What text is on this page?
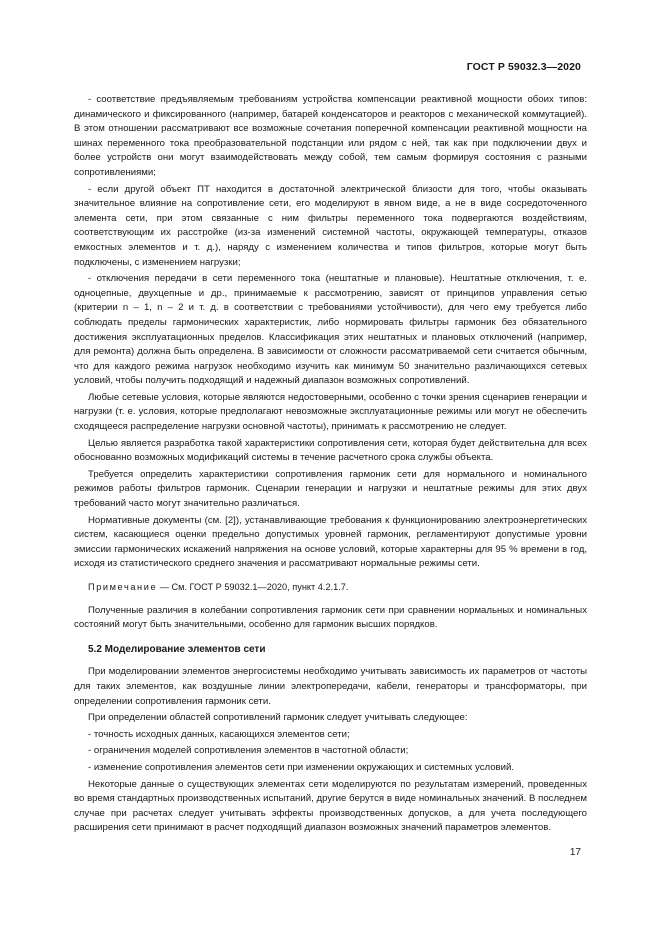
ГОСТ Р 59032.3—2020

- соответствие предъявляемым требованиям устройства компенсации реактивной мощности обоих типов: динамического и фиксированного (например, батарей конденсаторов и реакторов с механической коммутацией). В этом отношении рассматривают все возможные сочетания поперечной компенсации реактивной мощности на шинах переменного тока преобразовательной подстанции или рядом с ней, так как при подключении двух и более устройств они могут взаимодействовать между собой, тем самым формируя состояния с разными сопротивлениями;

- если другой объект ПТ находится в достаточной электрической близости для того, чтобы оказывать значительное влияние на сопротивление сети, его моделируют в явном виде, а не в виде сосредоточенного элемента сети, при этом связанные с ним фильтры переменного тока подвергаются воздействиям, соответствующим их расстройке (из-за изменений системной частоты, окружающей температуры, отказов емкостных элементов и т. д.), наряду с изменением количества и типов фильтров, которые могут быть подключены, с изменением нагрузки;

- отключения передачи в сети переменного тока (нештатные и плановые). Нештатные отключения, т. е. одноцепные, двухцепные и др., принимаемые к рассмотрению, зависят от принципов управления сетью (критерии n – 1, n – 2 и т. д. в соответствии с требованиями устойчивости), для чего ему требуется либо соблюдать пределы гармонических характеристик, либо нормировать фильтры гармоник без обязательного достижения эксплуатационных пределов. Классификация этих нештатных и плановых отключений (например, для ремонта) должна быть определена. В зависимости от сложности рассматриваемой сети считается обычным, что для каждого режима нагрузок необходимо изучить как минимум 50 значительно различающихся сетевых условий, чтобы получить подходящий и надежный диапазон возможных сопротивлений.

Любые сетевые условия, которые являются недостоверными, особенно с точки зрения сценариев генерации и нагрузки (т. е. условия, которые предполагают невозможные эксплуатационные режимы или могут не обеспечить сходящееся распределение нагрузки основной частоты), принимать к рассмотрению не следует.

Целью является разработка такой характеристики сопротивления сети, которая будет действительна для всех обоснованно возможных модификаций системы в течение расчетного срока службы объекта.

Требуется определить характеристики сопротивления гармоник сети для нормального и номинального режимов работы фильтров гармоник. Сценарии генерации и нагрузки и нештатные режимы для этих двух требований часто могут значительно различаться.

Нормативные документы (см. [2]), устанавливающие требования к функционированию электроэнергетических систем, касающиеся оценки предельно допустимых уровней гармоник, регламентируют допустимые уровни эмиссии гармонических искажений напряжения на основе условий, которые характерны для 95 % времени в год, исходя из статистического среднего значения и рассматривают нормальные режимы сети.

Примечание — См. ГОСТ Р 59032.1—2020, пункт 4.2.1.7.

Полученные различия в колебании сопротивления гармоник сети при сравнении нормальных и номинальных состояний могут быть значительными, особенно для гармоник высших порядков.

5.2 Моделирование элементов сети

При моделировании элементов энергосистемы необходимо учитывать зависимость их параметров от частоты для таких элементов, как воздушные линии электропередачи, кабели, генераторы и трансформаторы, при определении сопротивления гармоник сети.

При определении областей сопротивлений гармоник следует учитывать следующее:

- точность исходных данных, касающихся элементов сети;

- ограничения моделей сопротивления элементов в частотной области;

- изменение сопротивления элементов сети при изменении окружающих и системных условий.

Некоторые данные о существующих элементах сети моделируются по результатам измерений, проведенных во время стандартных производственных испытаний, другие берутся в виде номинальных значений. В последнем случае при расчетах следует учитывать эффекты производственных допусков, а для учета последующего расширения сети принимают в расчет подходящий диапазон возможных значений параметров элементов.

17
